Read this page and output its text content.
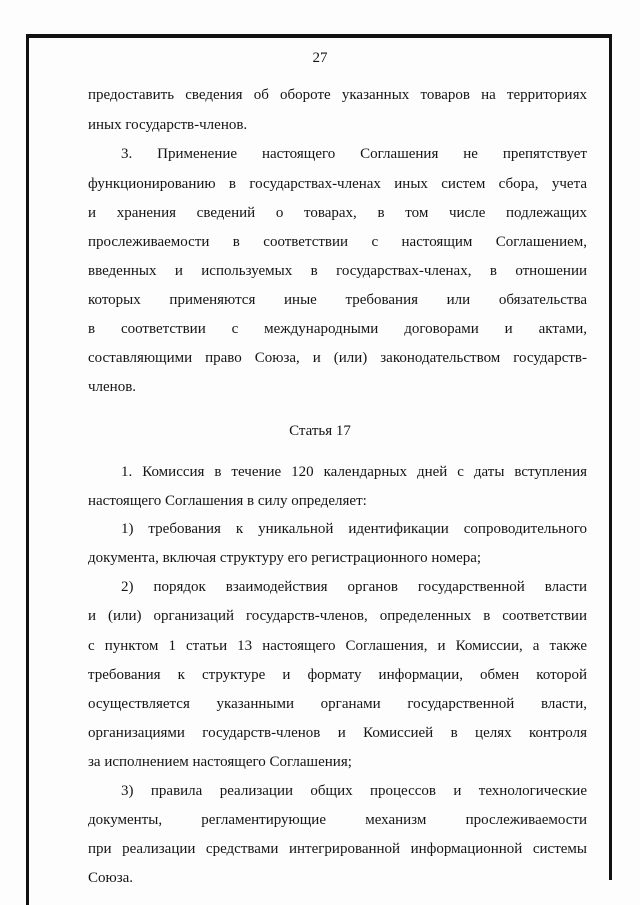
27
предоставить сведения об обороте указанных товаров на территориях
иных государств-членов.
3. Применение настоящего Соглашения не препятствует
функционированию в государствах-членах иных систем сбора, учета
и хранения сведений о товарах, в том числе подлежащих
прослеживаемости в соответствии с настоящим Соглашением,
введенных и используемых в государствах-членах, в отношении
которых применяются иные требования или обязательства
в соответствии с международными договорами и актами,
составляющими право Союза, и (или) законодательством государств-
членов.
Статья 17
1. Комиссия в течение 120 календарных дней с даты вступления
настоящего Соглашения в силу определяет:
1) требования к уникальной идентификации сопроводительного
документа, включая структуру его регистрационного номера;
2) порядок взаимодействия органов государственной власти
и (или) организаций государств-членов, определенных в соответствии
с пунктом 1 статьи 13 настоящего Соглашения, и Комиссии, а также
требования к структуре и формату информации, обмен которой
осуществляется указанными органами государственной власти,
организациями государств-членов и Комиссией в целях контроля
за исполнением настоящего Соглашения;
3) правила реализации общих процессов и технологические
документы, регламентирующие механизм прослеживаемости
при реализации средствами интегрированной информационной системы
Союза.
